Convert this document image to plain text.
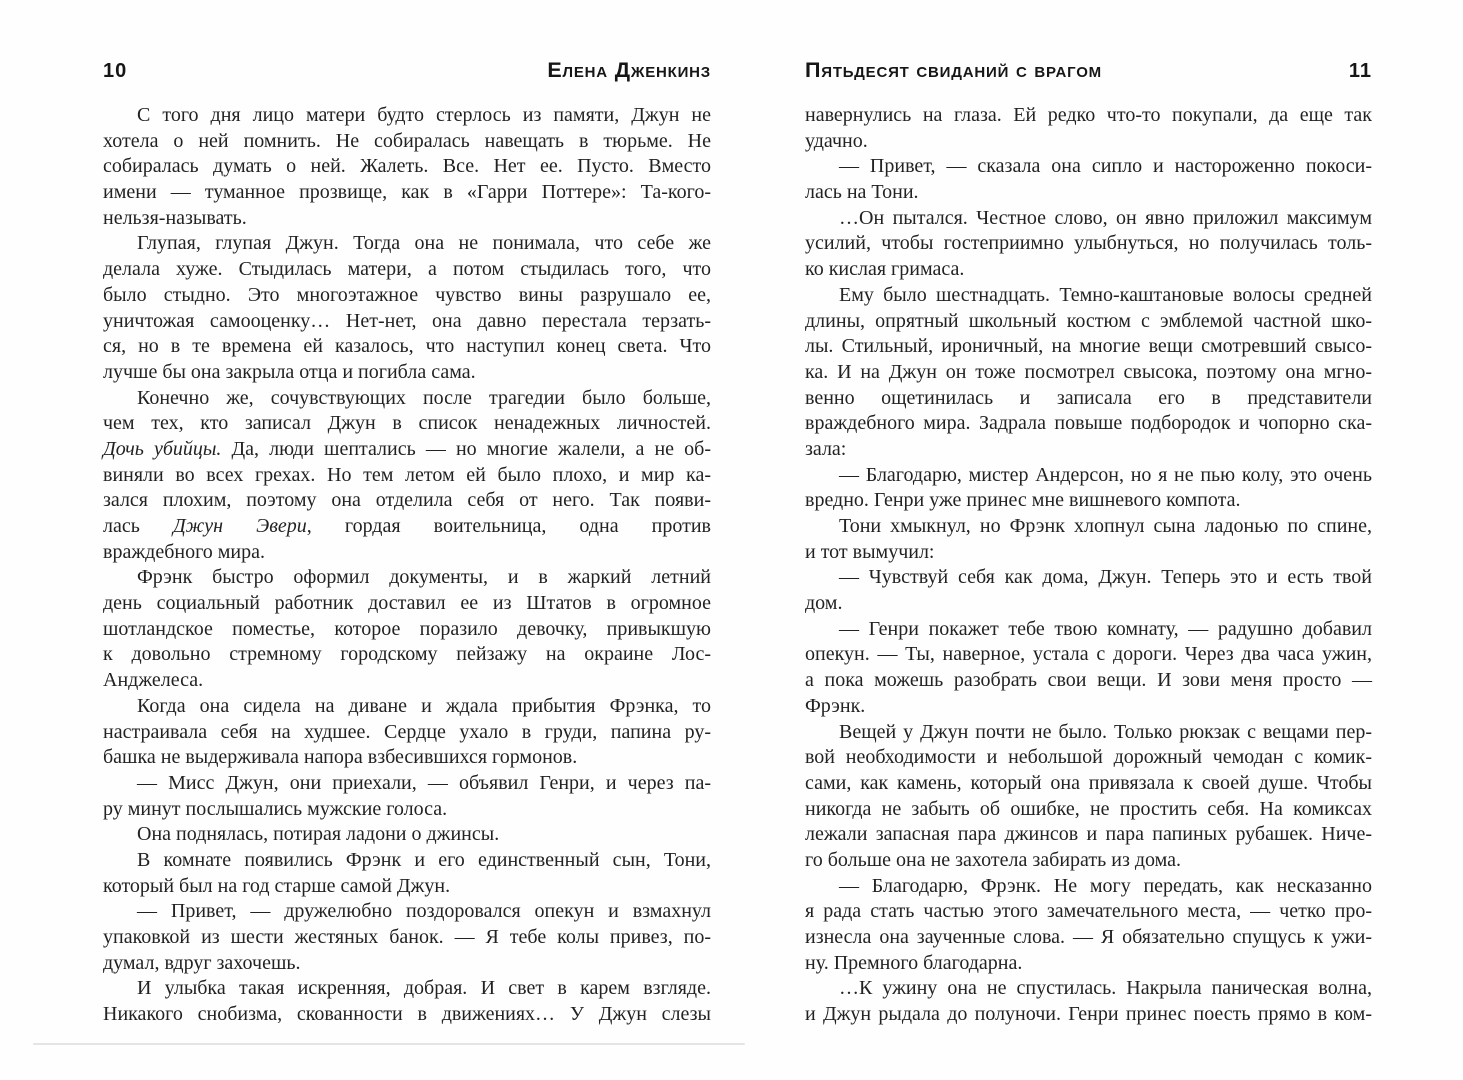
10	Елена Дженкинз
С того дня лицо матери будто стерлось из памяти, Джун не
хотела о ней помнить. Не собиралась навещать в тюрьме. Не
собиралась думать о ней. Жалеть. Все. Нет ее. Пусто. Вместо
имени — туманное прозвище, как в «Гарри Поттере»: Та-кого-
нельзя-называть.
Глупая, глупая Джун. Тогда она не понимала, что себе же
делала хуже. Стыдилась матери, а потом стыдилась того, что
было стыдно. Это многоэтажное чувство вины разрушало ее,
уничтожая самооценку… Нет-нет, она давно перестала терзать-
ся, но в те времена ей казалось, что наступил конец света. Что
лучше бы она закрыла отца и погибла сама.
Конечно же, сочувствующих после трагедии было больше,
чем тех, кто записал Джун в список ненадежных личностей.
Дочь убийцы. Да, люди шептались — но многие жалели, а не об-
виняли во всех грехах. Но тем летом ей было плохо, и мир ка-
зался плохим, поэтому она отделила себя от него. Так появи-
лась Джун Эвери, гордая воительница, одна против
враждебного мира.
Фрэнк быстро оформил документы, и в жаркий летний
день социальный работник доставил ее из Штатов в огромное
шотландское поместье, которое поразило девочку, привыкшую
к довольно стремному городскому пейзажу на окраине Лос-
Анджелеса.
Когда она сидела на диване и ждала прибытия Фрэнка, то
настраивала себя на худшее. Сердце ухало в груди, папина ру-
башка не выдерживала напора взбесившихся гормонов.
— Мисс Джун, они приехали, — объявил Генри, и через па-
ру минут послышались мужские голоса.
Она поднялась, потирая ладони о джинсы.
В комнате появились Фрэнк и его единственный сын, Тони,
который был на год старше самой Джун.
— Привет, — дружелюбно поздоровался опекун и взмахнул
упаковкой из шести жестяных банок. — Я тебе колы привез, по-
думал, вдруг захочешь.
И улыбка такая искренняя, добрая. И свет в карем взгляде.
Никакого снобизма, скованности в движениях… У Джун слезы
Пятьдесят свиданий с врагом	11
навернулись на глаза. Ей редко что-то покупали, да еще так
удачно.
— Привет, — сказала она сипло и настороженно покоси-
лась на Тони.
…Он пытался. Честное слово, он явно приложил максимум
усилий, чтобы гостеприимно улыбнуться, но получилась толь-
ко кислая гримаса.
Ему было шестнадцать. Темно-каштановые волосы средней
длины, опрятный школьный костюм с эмблемой частной шко-
лы. Стильный, ироничный, на многие вещи смотревший свысо-
ка. И на Джун он тоже посмотрел свысока, поэтому она мгно-
венно ощетинилась и записала его в представители
враждебного мира. Задрала повыше подбородок и чопорно ска-
зала:
— Благодарю, мистер Андерсон, но я не пью колу, это очень
вредно. Генри уже принес мне вишневого компота.
Тони хмыкнул, но Фрэнк хлопнул сына ладонью по спине,
и тот вымучил:
— Чувствуй себя как дома, Джун. Теперь это и есть твой
дом.
— Генри покажет тебе твою комнату, — радушно добавил
опекун. — Ты, наверное, устала с дороги. Через два часа ужин,
а пока можешь разобрать свои вещи. И зови меня просто —
Фрэнк.
Вещей у Джун почти не было. Только рюкзак с вещами пер-
вой необходимости и небольшой дорожный чемодан с комик-
сами, как камень, который она привязала к своей душе. Чтобы
никогда не забыть об ошибке, не простить себя. На комиксах
лежали запасная пара джинсов и пара папиных рубашек. Ниче-
го больше она не захотела забирать из дома.
— Благодарю, Фрэнк. Не могу передать, как несказанно
я рада стать частью этого замечательного места, — четко про-
изнесла она заученные слова. — Я обязательно спущусь к ужи-
ну. Премного благодарна.
…К ужину она не спустилась. Накрыла паническая волна,
и Джун рыдала до полуночи. Генри принес поесть прямо в ком-
